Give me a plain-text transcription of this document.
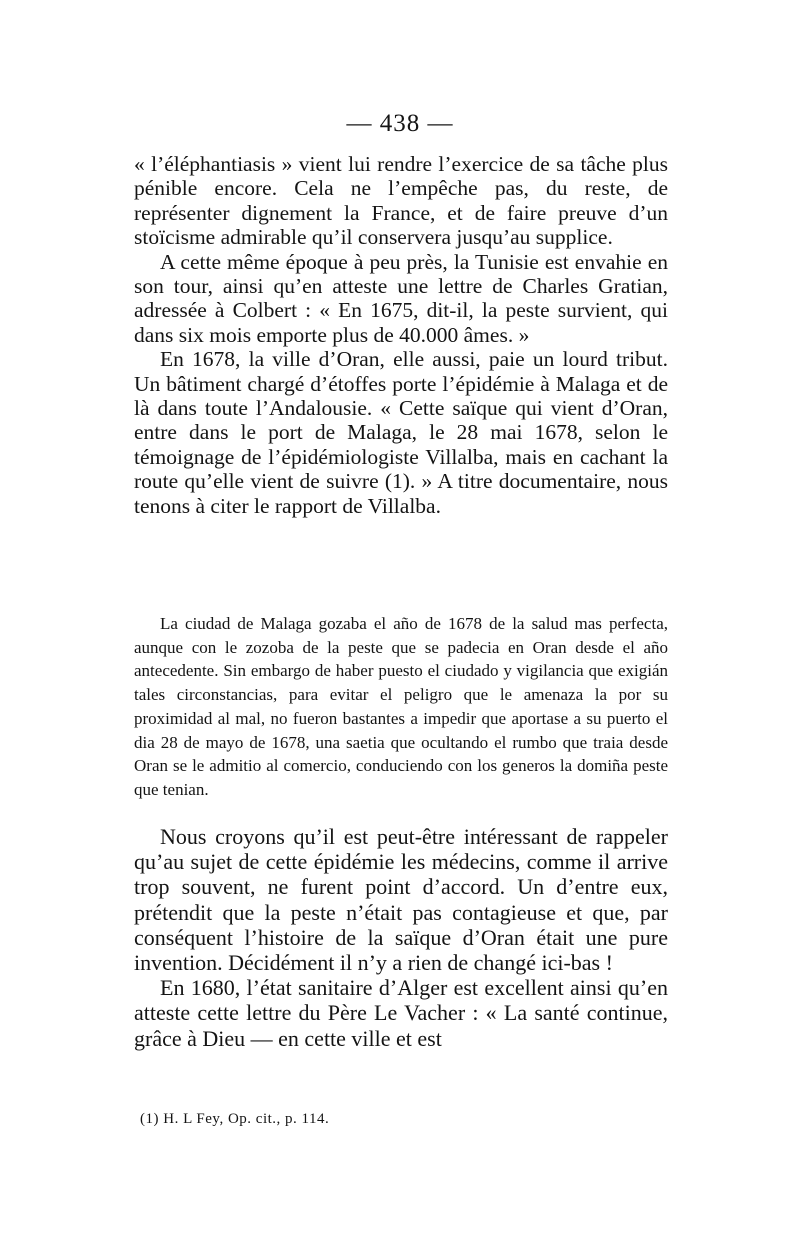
— 438 —

« l’éléphantiasis » vient lui rendre l’exercice de sa tâche plus pénible encore. Cela ne l’empêche pas, du reste, de représenter dignement la France, et de faire preuve d’un stoïcisme admirable qu’il conservera jusqu’au supplice.

A cette même époque à peu près, la Tunisie est envahie en son tour, ainsi qu’en atteste une lettre de Charles Gratian, adressée à Colbert : « En 1675, dit-il, la peste survient, qui dans six mois emporte plus de 40.000 âmes. »

En 1678, la ville d’Oran, elle aussi, paie un lourd tribut. Un bâtiment chargé d’étoffes porte l’épidémie à Malaga et de là dans toute l’Andalousie. « Cette saïque qui vient d’Oran, entre dans le port de Malaga, le 28 mai 1678, selon le témoignage de l’épidémiologiste Villalba, mais en cachant la route qu’elle vient de suivre (1). » A titre documentaire, nous tenons à citer le rapport de Villalba.

La ciudad de Malaga gozaba el año de 1678 de la salud mas perfecta, aunque con le zozoba de la peste que se padecia en Oran desde el año antecedente. Sin embargo de haber puesto el ciudado y vigilancia que exigián tales circonstancias, para evitar el peligro que le amenaza la por su proximidad al mal, no fueron bastantes a impedir que aportase a su puerto el dia 28 de mayo de 1678, una saetia que ocultando el rumbo que traia desde Oran se le admitio al comercio, conduciendo con los generos la domiña peste que tenian.

Nous croyons qu’il est peut-être intéressant de rappeler qu’au sujet de cette épidémie les médecins, comme il arrive trop souvent, ne furent point d’accord. Un d’entre eux, prétendit que la peste n’était pas contagieuse et que, par conséquent l’histoire de la saïque d’Oran était une pure invention. Décidément il n’y a rien de changé ici-bas !

En 1680, l’état sanitaire d’Alger est excellent ainsi qu’en atteste cette lettre du Père Le Vacher : « La santé continue, grâce à Dieu — en cette ville et est

(1) H. L Fey, Op. cit., p. 114.
